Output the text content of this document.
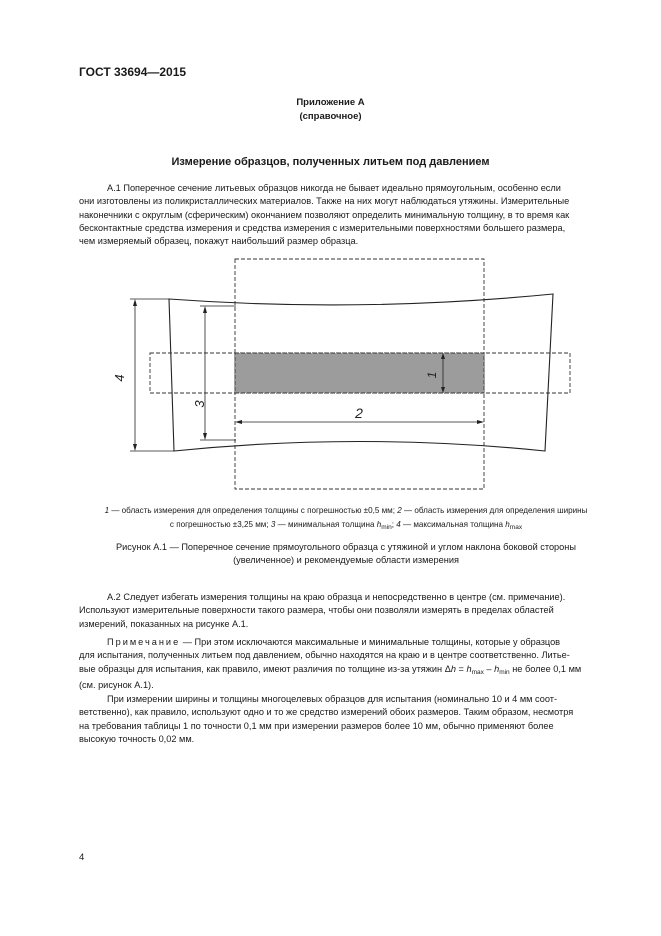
ГОСТ 33694—2015
Приложение А
(справочное)
Измерение образцов, полученных литьем под давлением
А.1 Поперечное сечение литьевых образцов никогда не бывает идеально прямоугольным, особенно если
они изготовлены из поликристаллических материалов. Также на них могут наблюдаться утяжины. Измерительные
наконечники с округлым (сферическим) окончанием позволяют определить минимальную толщину, в то время как
бесконтактные средства измерения и средства измерения с измерительными поверхностями большего размера,
чем измеряемый образец, покажут наибольший размер образца.
4
3
1
2
1 — область измерения для определения толщины с погрешностью ±0,5 мм; 2 — область измерения для определения ширины
с погрешностью ±3,25 мм; 3 — минимальная толщина $h_{min}$; 4 — максимальная толщина $h_{max}$
Рисунок А.1 — Поперечное сечение прямоугольного образца с утяжиной и углом наклона боковой стороны
(увеличенное) и рекомендуемые области измерения
А.2 Следует избегать измерения толщины на краю образца и непосредственно в центре (см. примечание).
Используют измерительные поверхности такого размера, чтобы они позволяли измерять в пределах областей
измерений, показанных на рисунке А.1.
Примечание — При этом исключаются максимальные и минимальные толщины, которые у образцов
для испытания, полученных литьем под давлением, обычно находятся на краю и в центре соответственно. Литье-
вые образцы для испытания, как правило, имеют различия по толщине из-за утяжин $\Delta h = h_{max} - h_{min}$ не более 0,1 мм
(см. рисунок А.1).
При измерении ширины и толщины многоцелевых образцов для испытания (номинально 10 и 4 мм соот-
ветственно), как правило, используют одно и то же средство измерений обоих размеров. Таким образом, несмотря
на требования таблицы 1 по точности 0,1 мм при измерении размеров более 10 мм, обычно применяют более
высокую точность 0,02 мм.
4
